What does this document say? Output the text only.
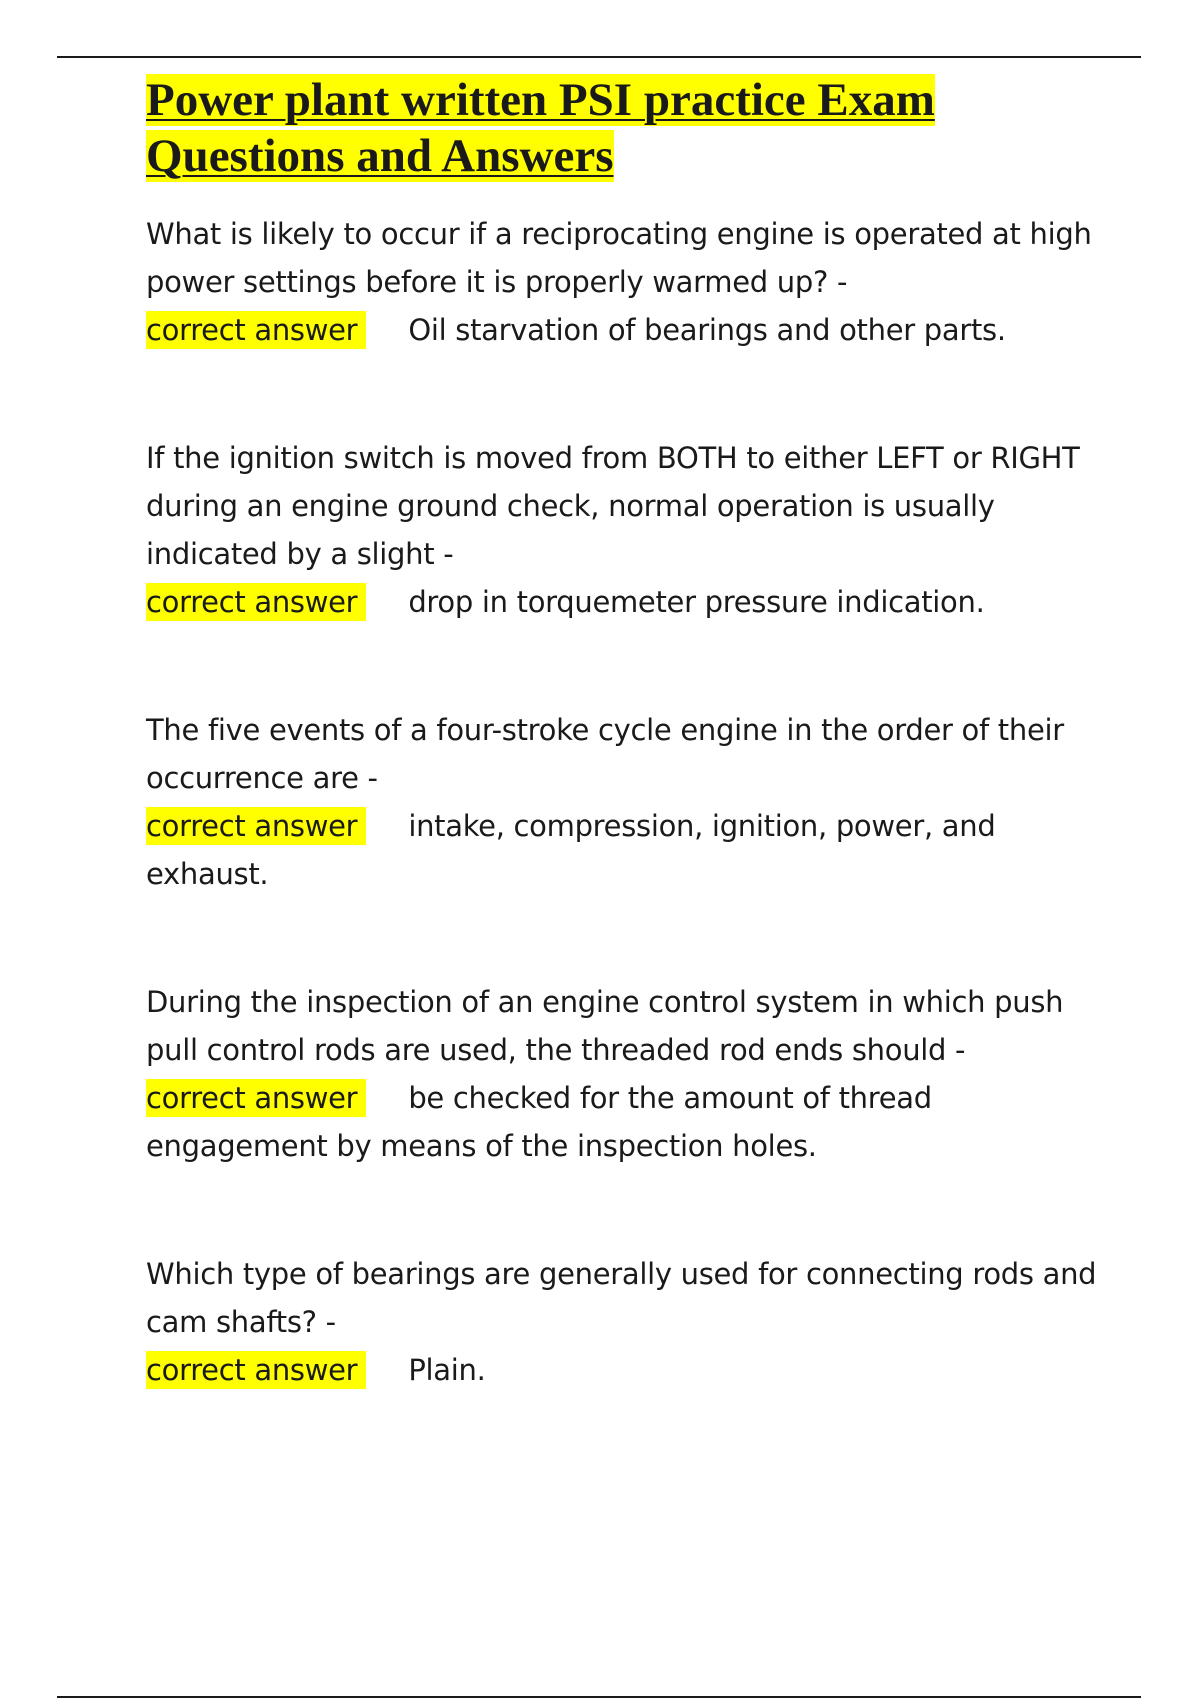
Power plant written PSI practice Exam Questions and Answers

What is likely to occur if a reciprocating engine is operated at high power settings before it is properly warmed up? -

correct answer Oil starvation of bearings and other parts.

If the ignition switch is moved from BOTH to either LEFT or RIGHT during an engine ground check, normal operation is usually indicated by a slight -

correct answer drop in torquemeter pressure indication.

The five events of a four-stroke cycle engine in the order of their occurrence are -

correct answer intake, compression, ignition, power, and exhaust.

During the inspection of an engine control system in which push pull control rods are used, the threaded rod ends should -

correct answer be checked for the amount of thread engagement by means of the inspection holes.

Which type of bearings are generally used for connecting rods and cam shafts? -

correct answer Plain.
